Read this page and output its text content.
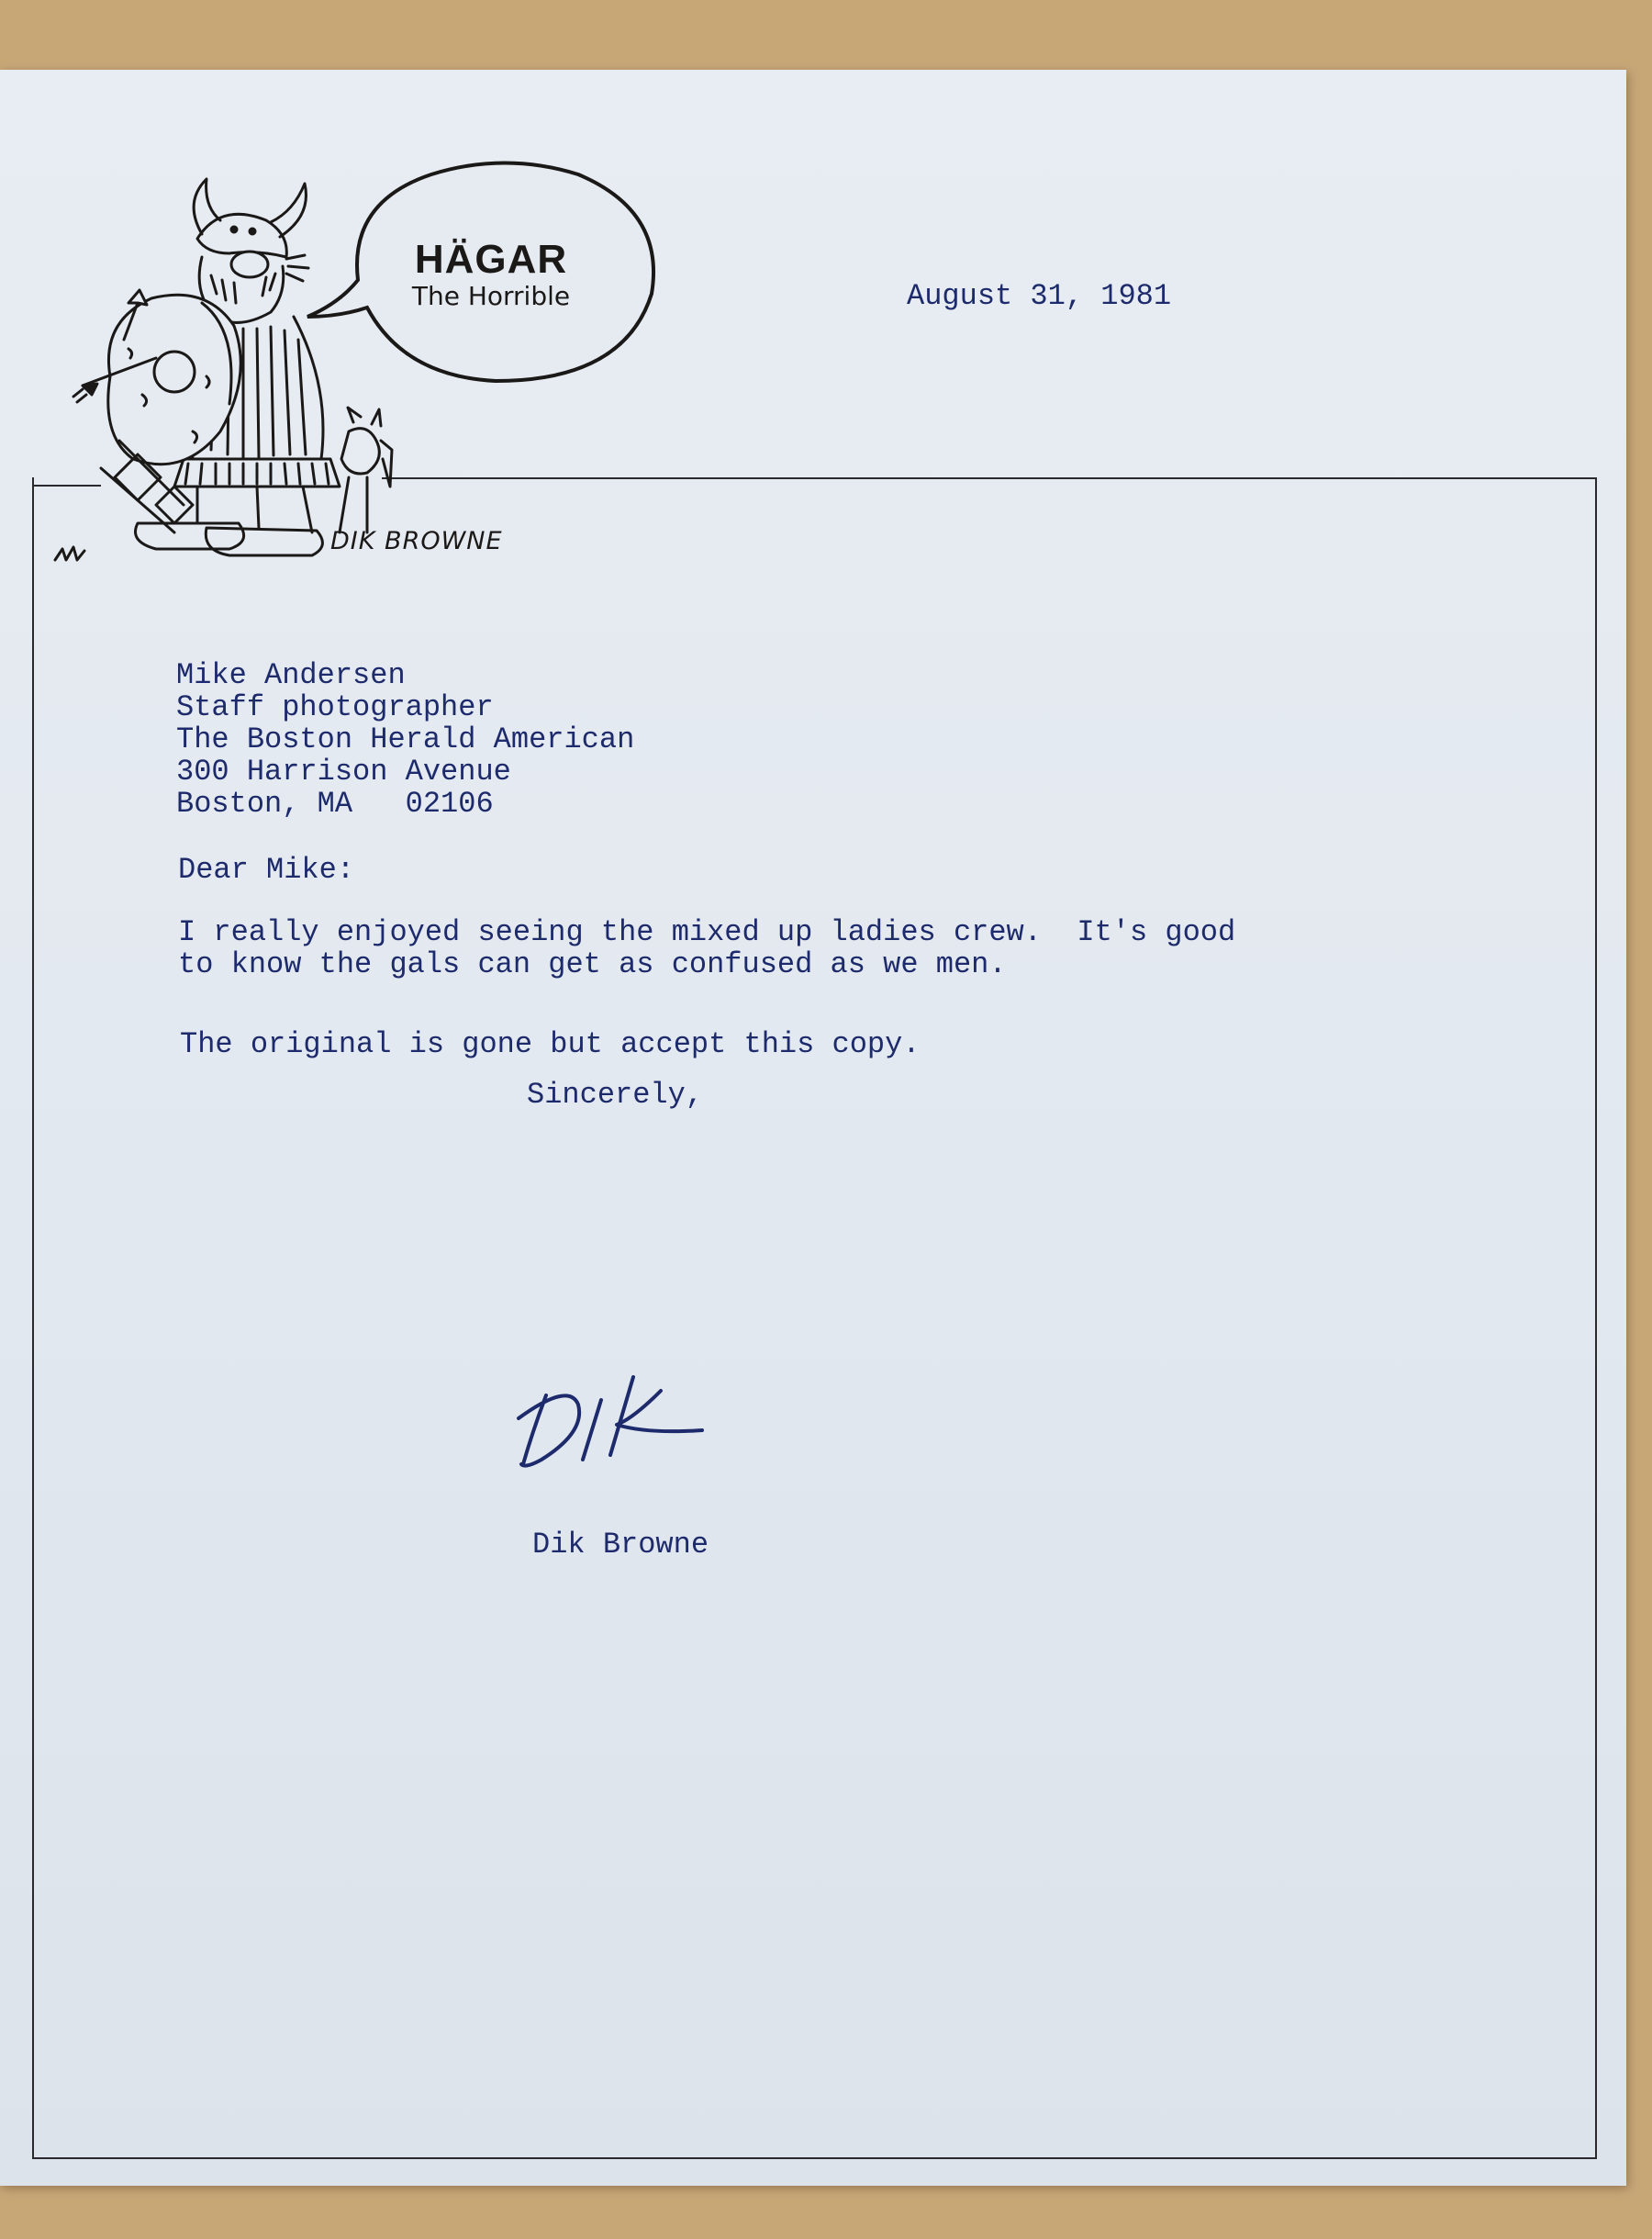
HÄGAR
The Horrible
DIK BROWNE
August 31, 1981
Mike Andersen
Staff photographer
The Boston Herald American
300 Harrison Avenue
Boston, MA   02106
Dear Mike:
I really enjoyed seeing the mixed up ladies crew.  It's good
to know the gals can get as confused as we men.
The original is gone but accept this copy.
Sincerely,
Dik Browne
